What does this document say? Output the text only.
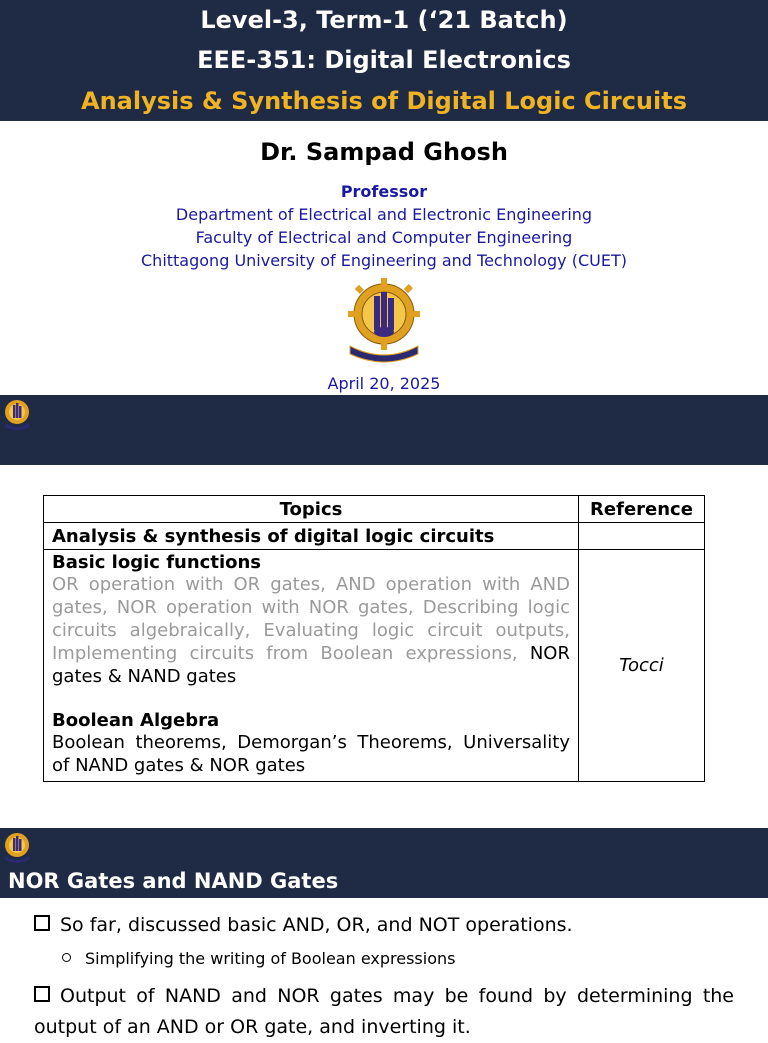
Level-3, Term-1 (‘21 Batch)
EEE-351: Digital Electronics
Analysis & Synthesis of Digital Logic Circuits
Dr. Sampad Ghosh
Professor
Department of Electrical and Electronic Engineering
Faculty of Electrical and Computer Engineering
Chittagong University of Engineering and Technology (CUET)
April 20, 2025
Topics	Reference
Analysis & synthesis of digital logic circuits	

Basic logic functions
OR operation with OR gates, AND operation with AND gates, NOR operation with NOR gates, Describing logic circuits algebraically, Evaluating logic circuit outputs, Implementing circuits from Boolean expressions, NOR gates & NAND gates
Boolean Algebra
Boolean theorems, Demorgan’s Theorems, Universality of NAND gates & NOR gates	Tocci
NOR Gates and NAND Gates
So far, discussed basic AND, OR, and NOT operations.
Simplifying the writing of Boolean expressions
Output of NAND and NOR gates may be found by determining the output of an AND or OR gate, and inverting it.
